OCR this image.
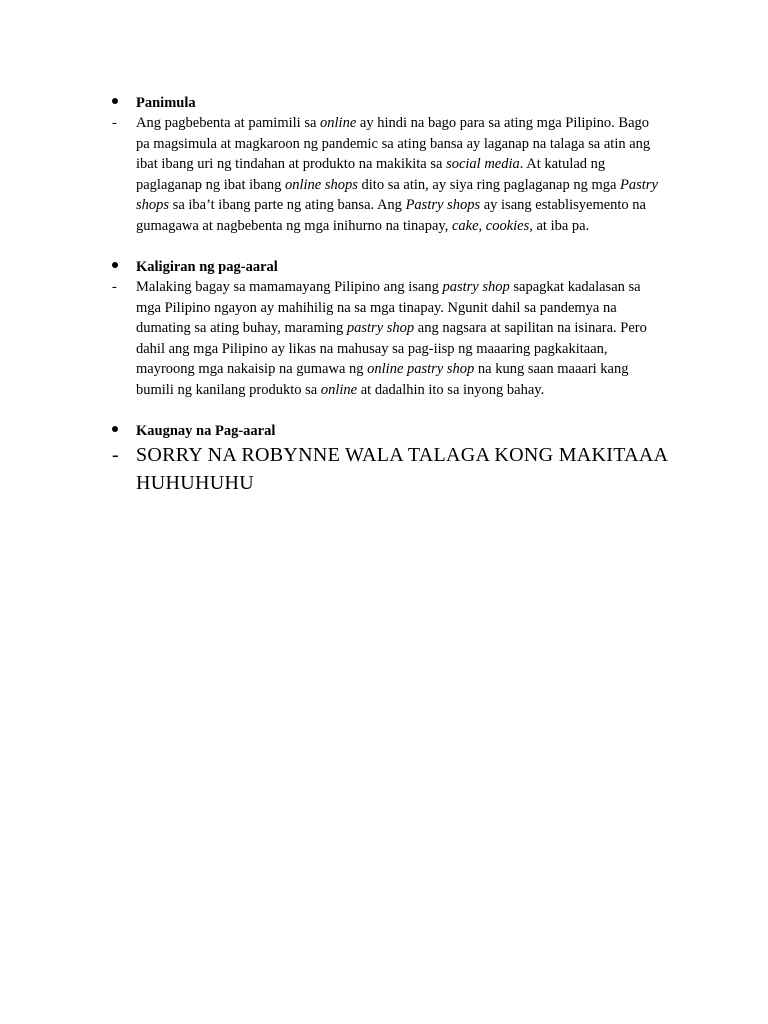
Panimula
- Ang pagbebenta at pamimili sa online ay hindi na bago para sa ating mga Pilipino. Bago
pa magsimula at magkaroon ng pandemic sa ating bansa ay laganap na talaga sa atin ang
ibat ibang uri ng tindahan at produkto na makikita sa social media. At katulad ng
paglaganap ng ibat ibang online shops dito sa atin, ay siya ring paglaganap ng mga Pastry
shops sa iba’t ibang parte ng ating bansa. Ang Pastry shops ay isang establisyemento na
gumagawa at nagbebenta ng mga inihurno na tinapay, cake, cookies, at iba pa.
Kaligiran ng pag-aaral
- Malaking bagay sa mamamayang Pilipino ang isang pastry shop sapagkat kadalasan sa
mga Pilipino ngayon ay mahihilig na sa mga tinapay. Ngunit dahil sa pandemya na
dumating sa ating buhay, maraming pastry shop ang nagsara at sapilitan na isinara. Pero
dahil ang mga Pilipino ay likas na mahusay sa pag-iisp ng maaaring pagkakitaan,
mayroong mga nakaisip na gumawa ng online pastry shop na kung saan maaari kang
bumili ng kanilang produkto sa online at dadalhin ito sa inyong bahay.
Kaugnay na Pag-aaral
- SORRY NA ROBYNNE WALA TALAGA KONG MAKITAAA
HUHUHUHU
